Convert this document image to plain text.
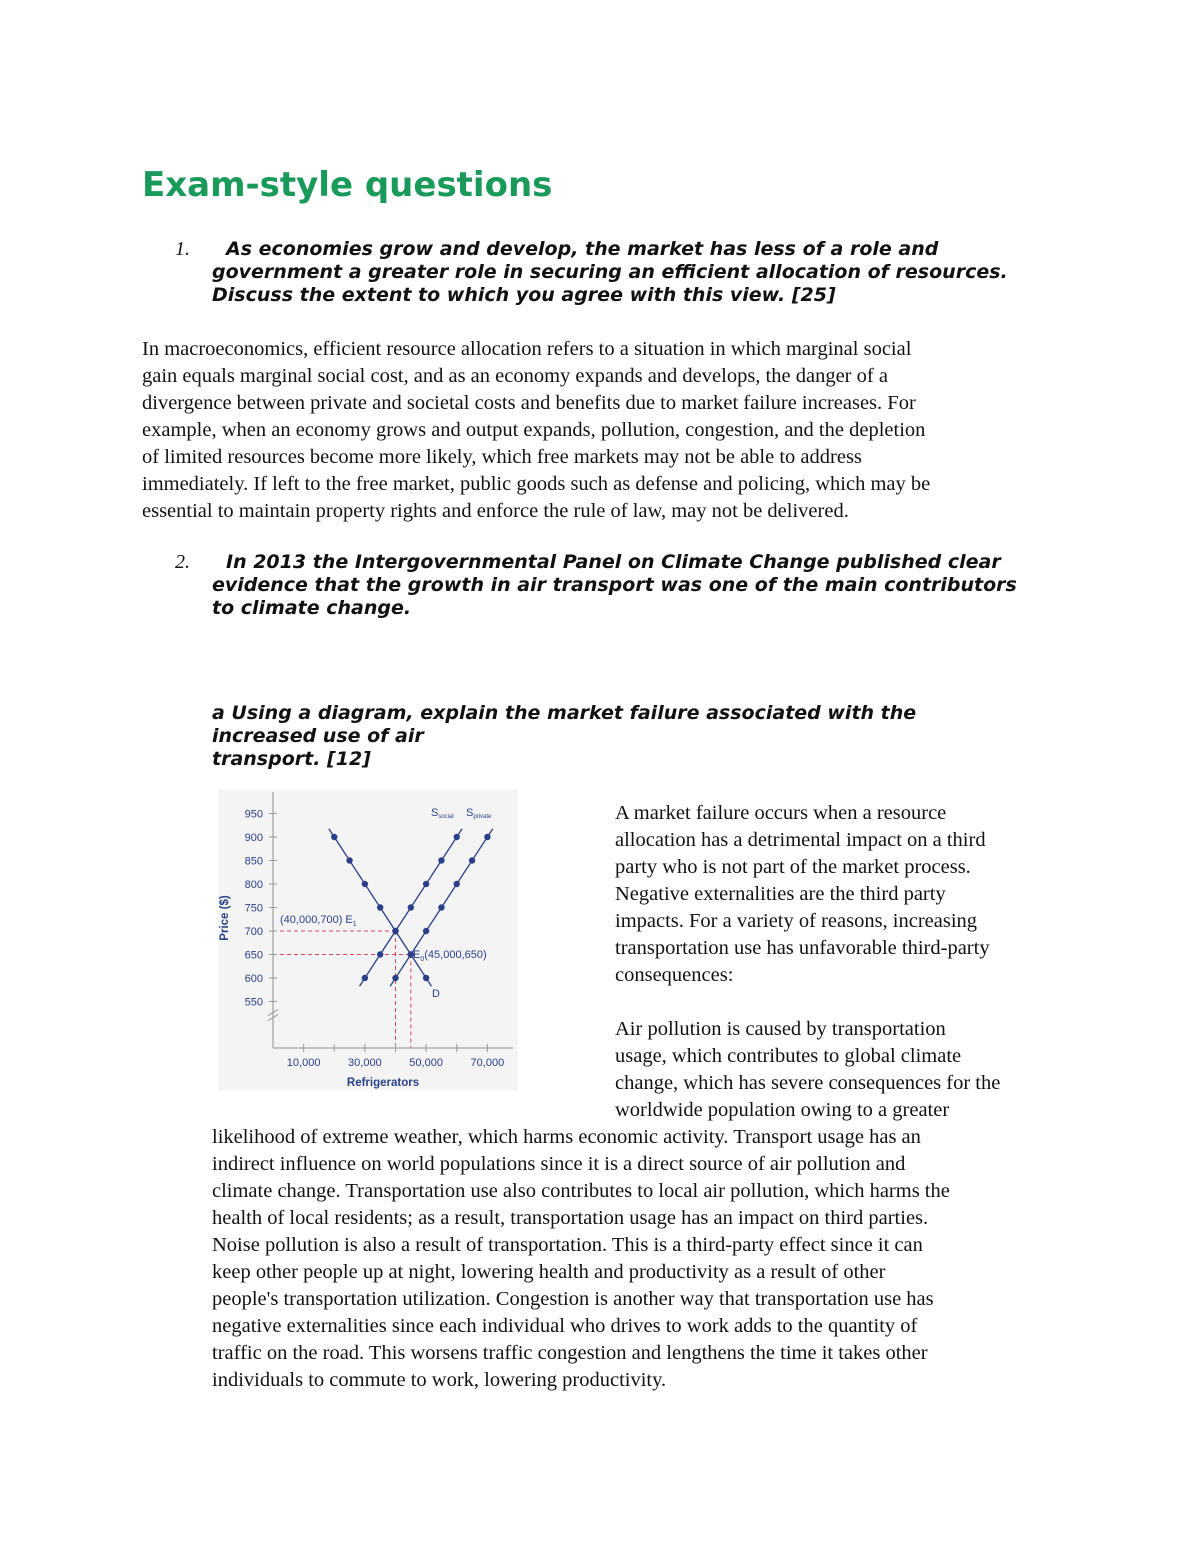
Exam-style questions
1.	As economies grow and develop, the market has less of a role and
government a greater role in securing an efficient allocation of resources.
Discuss the extent to which you agree with this view. [25]
In macroeconomics, efficient resource allocation refers to a situation in which marginal social
gain equals marginal social cost, and as an economy expands and develops, the danger of a
divergence between private and societal costs and benefits due to market failure increases. For
example, when an economy grows and output expands, pollution, congestion, and the depletion
of limited resources become more likely, which free markets may not be able to address
immediately. If left to the free market, public goods such as defense and policing, which may be
essential to maintain property rights and enforce the rule of law, may not be delivered.
2.	In 2013 the Intergovernmental Panel on Climate Change published clear
evidence that the growth in air transport was one of the main contributors
to climate change.
a Using a diagram, explain the market failure associated with the
increased use of air
transport. [12]
550
600
650
700
750
800
850
900
950
10,000	30,000	50,000	70,000
Refrigerators
Price ($)
Ssocial Sprivate
D
(40,000,700) $E_1$
$E_0(45,000,650)$
A market failure occurs when a resource
allocation has a detrimental impact on a third
party who is not part of the market process.
Negative externalities are the third party
impacts. For a variety of reasons, increasing
transportation use has unfavorable third-party
consequences:
Air pollution is caused by transportation
usage, which contributes to global climate
change, which has severe consequences for the
worldwide population owing to a greater
likelihood of extreme weather, which harms economic activity. Transport usage has an
indirect influence on world populations since it is a direct source of air pollution and
climate change. Transportation use also contributes to local air pollution, which harms the
health of local residents; as a result, transportation usage has an impact on third parties.
Noise pollution is also a result of transportation. This is a third-party effect since it can
keep other people up at night, lowering health and productivity as a result of other
people's transportation utilization. Congestion is another way that transportation use has
negative externalities since each individual who drives to work adds to the quantity of
traffic on the road. This worsens traffic congestion and lengthens the time it takes other
individuals to commute to work, lowering productivity.
